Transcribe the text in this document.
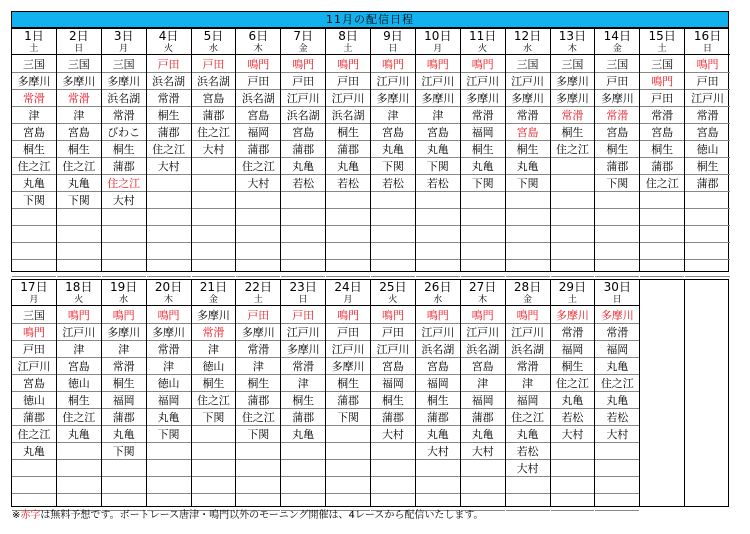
11月の配信日程
1日
土
三国
多摩川
常滑
津
宮島
桐生
住之江
丸亀
下関
2日
日
三国
多摩川
常滑
津
宮島
桐生
住之江
丸亀
下関
3日
月
三国
多摩川
浜名湖
常滑
びわこ
桐生
蒲郡
住之江
大村
4日
火
戸田
浜名湖
常滑
桐生
蒲郡
住之江
大村
5日
水
戸田
浜名湖
宮島
蒲郡
住之江
大村
6日
木
鳴門
戸田
浜名湖
宮島
福岡
蒲郡
住之江
大村
7日
金
鳴門
戸田
江戸川
浜名湖
宮島
蒲郡
丸亀
若松
8日
土
鳴門
戸田
江戸川
浜名湖
桐生
蒲郡
丸亀
若松
9日
日
鳴門
江戸川
多摩川
津
宮島
丸亀
下関
若松
10日
月
鳴門
江戸川
多摩川
津
宮島
丸亀
下関
若松
11日
火
鳴門
江戸川
多摩川
常滑
福岡
桐生
丸亀
下関
12日
水
三国
江戸川
多摩川
常滑
宮島
桐生
丸亀
下関
13日
木
三国
多摩川
多摩川
常滑
桐生
住之江
14日
金
三国
戸田
多摩川
常滑
宮島
桐生
蒲郡
下関
15日
土
三国
鳴門
戸田
常滑
宮島
桐生
蒲郡
住之江
16日
日
鳴門
戸田
江戸川
常滑
宮島
徳山
桐生
蒲郡
17日
月
三国
鳴門
戸田
江戸川
宮島
徳山
蒲郡
住之江
丸亀
18日
火
鳴門
江戸川
津
宮島
徳山
桐生
住之江
丸亀
19日
水
鳴門
多摩川
津
常滑
桐生
福岡
蒲郡
丸亀
下関
20日
木
鳴門
多摩川
常滑
津
徳山
福岡
丸亀
下関
21日
金
多摩川
常滑
津
徳山
桐生
住之江
下関
22日
土
戸田
多摩川
常滑
津
桐生
蒲郡
住之江
下関
23日
日
戸田
江戸川
多摩川
常滑
津
桐生
蒲郡
丸亀
24日
月
鳴門
戸田
江戸川
多摩川
桐生
蒲郡
下関
25日
火
鳴門
戸田
江戸川
宮島
福岡
桐生
蒲郡
大村
26日
水
鳴門
江戸川
浜名湖
宮島
福岡
桐生
蒲郡
丸亀
大村
27日
木
鳴門
江戸川
浜名湖
宮島
津
福岡
蒲郡
丸亀
大村
28日
金
鳴門
江戸川
浜名湖
常滑
津
福岡
住之江
丸亀
若松
大村
29日
土
多摩川
常滑
福岡
桐生
住之江
丸亀
若松
大村
30日
日
多摩川
常滑
福岡
丸亀
住之江
丸亀
若松
大村
※赤字は無料予想です。ボートレース唐津・鳴門以外のモーニング開催は、4レースから配信いたします。
